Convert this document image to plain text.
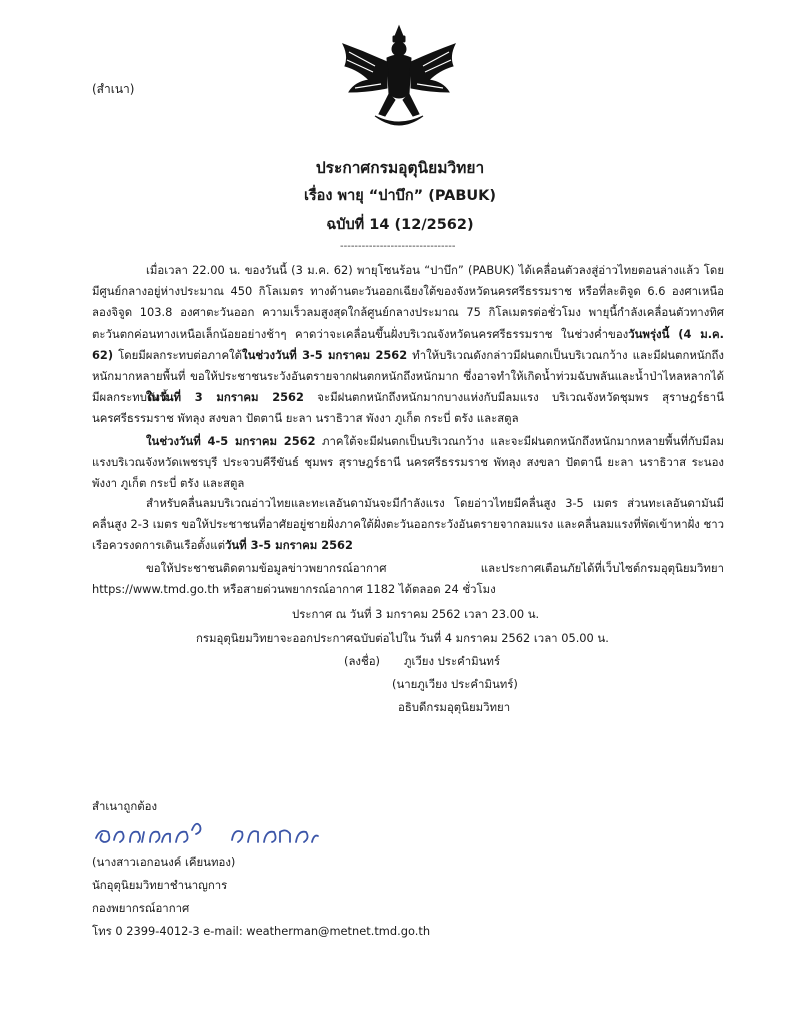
(สำเนา)
ประกาศกรมอุตุนิยมวิทยา
เรื่อง พายุ “ปาบึก” (PABUK)
ฉบับที่ 14 (12/2562)
--------------------------------
เมื่อเวลา 22.00 น. ของวันนี้ (3 ม.ค. 62) พายุโซนร้อน “ปาบึก” (PABUK) ได้เคลื่อนตัวลงสู่อ่าวไทยตอนล่างแล้ว โดยมีศูนย์กลางอยู่ห่างประมาณ 450 กิโลเมตร ทางด้านตะวันออกเฉียงใต้ของจังหวัดนครศรีธรรมราช หรือที่ละติจูด 6.6 องศาเหนือ ลองจิจูด 103.8 องศาตะวันออก ความเร็วลมสูงสุดใกล้ศูนย์กลางประมาณ 75 กิโลเมตรต่อชั่วโมง พายุนี้กำลังเคลื่อนตัวทางทิศตะวันตกค่อนทางเหนือเล็กน้อยอย่างช้าๆ คาดว่าจะเคลื่อนขึ้นฝั่งบริเวณจังหวัดนครศรีธรรมราช ในช่วงค่ำของวันพรุ่งนี้ (4 ม.ค. 62) โดยมีผลกระทบต่อภาคใต้ในช่วงวันที่ 3-5 มกราคม 2562 ทำให้บริเวณดังกล่าวมีฝนตกเป็นบริเวณกว้าง และมีฝนตกหนักถึงหนักมากหลายพื้นที่ ขอให้ประชาชนระวังอันตรายจากฝนตกหนักถึงหนักมาก ซึ่งอาจทำให้เกิดน้ำท่วมฉับพลันและน้ำป่าไหลหลากได้ มีผลกระทบดังนี้
ในวันที่ 3 มกราคม 2562 จะมีฝนตกหนักถึงหนักมากบางแห่งกับมีลมแรง บริเวณจังหวัดชุมพร สุราษฎร์ธานี นครศรีธรรมราช พัทลุง สงขลา ปัตตานี ยะลา นราธิวาส พังงา ภูเก็ต กระบี่ ตรัง และสตูล
ในช่วงวันที่ 4-5 มกราคม 2562 ภาคใต้จะมีฝนตกเป็นบริเวณกว้าง และจะมีฝนตกหนักถึงหนักมากหลายพื้นที่กับมีลมแรงบริเวณจังหวัดเพชรบุรี ประจวบคีรีขันธ์ ชุมพร สุราษฎร์ธานี นครศรีธรรมราช พัทลุง สงขลา ปัตตานี ยะลา นราธิวาส ระนอง พังงา ภูเก็ต กระบี่ ตรัง และสตูล
สำหรับคลื่นลมบริเวณอ่าวไทยและทะเลอันดามันจะมีกำลังแรง โดยอ่าวไทยมีคลื่นสูง 3-5 เมตร ส่วนทะเลอันดามันมีคลื่นสูง 2-3 เมตร ขอให้ประชาชนที่อาศัยอยู่ชายฝั่งภาคใต้ฝั่งตะวันออกระวังอันตรายจากลมแรง และคลื่นลมแรงที่พัดเข้าหาฝั่ง ชาวเรือควรงดการเดินเรือตั้งแต่วันที่ 3-5 มกราคม 2562
ขอให้ประชาชนติดตามข้อมูลข่าวพยากรณ์อากาศ และประกาศเตือนภัยได้ที่เว็บไซต์กรมอุตุนิยมวิทยา https://www.tmd.go.th หรือสายด่วนพยากรณ์อากาศ 1182 ได้ตลอด 24 ชั่วโมง
ประกาศ ณ วันที่ 3 มกราคม 2562 เวลา 23.00 น.
กรมอุตุนิยมวิทยาจะออกประกาศฉบับต่อไปใน วันที่ 4 มกราคม 2562 เวลา 05.00 น.
(ลงชื่อ) ภูเวียง ประคำมินทร์
(นายภูเวียง ประคำมินทร์)
อธิบดีกรมอุตุนิยมวิทยา
สำเนาถูกต้อง
(นางสาวเอกอนงค์ เคียนทอง)
นักอุตุนิยมวิทยาชำนาญการ
กองพยากรณ์อากาศ
โทร 0 2399-4012-3 e-mail: weatherman@metnet.tmd.go.th
